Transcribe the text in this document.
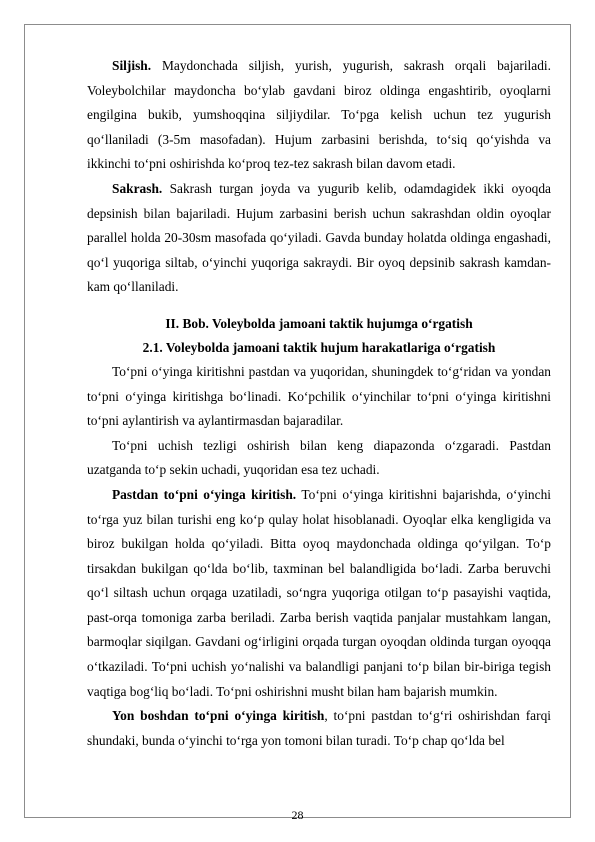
Siljish. Maydonchada siljish, yurish, yugurish, sakrash orqali bajariladi. Voleybolchilar maydoncha bo‘ylab gavdani biroz oldinga engashtirib, oyoqlarni engilgina bukib, yumshoqqina siljiydilar. To‘pga kelish uchun tez yugurish qo‘llaniladi (3-5m masofadan). Hujum zarbasini berishda, to‘siq qo‘yishda va ikkinchi to‘pni oshirishda ko‘proq tez-tez sakrash bilan davom etadi.

Sakrash. Sakrash turgan joyda va yugurib kelib, odamdagidek ikki oyoqda depsinish bilan bajariladi. Hujum zarbasini berish uchun sakrashdan oldin oyoqlar parallel holda 20-30sm masofada qo‘yiladi. Gavda bunday holatda oldinga engashadi, qo‘l yuqoriga siltab, o‘yinchi yuqoriga sakraydi. Bir oyoq depsinib sakrash kamdan-kam qo‘llaniladi.

II. Bob. Voleybolda jamoani taktik hujumga o‘rgatish

2.1. Voleybolda jamoani taktik hujum harakatlariga o‘rgatish

To‘pni o‘yinga kiritishni pastdan va yuqoridan, shuningdek to‘g‘ridan va yondan to‘pni o‘yinga kiritishga bo‘linadi. Ko‘pchilik o‘yinchilar to‘pni o‘yinga kiritishni to‘pni aylantirish va aylantirmasdan bajaradilar.

To‘pni uchish tezligi oshirish bilan keng diapazonda o‘zgaradi. Pastdan uzatganda to‘p sekin uchadi, yuqoridan esa tez uchadi.

Pastdan to‘pni o‘yinga kiritish. To‘pni o‘yinga kiritishni bajarishda, o‘yinchi to‘rga yuz bilan turishi eng ko‘p qulay holat hisoblanadi. Oyoqlar elka kengligida va biroz bukilgan holda qo‘yiladi. Bitta oyoq maydonchada oldinga qo‘yilgan. To‘p tirsakdan bukilgan qo‘lda bo‘lib, taxminan bel balandligida bo‘ladi. Zarba beruvchi qo‘l siltash uchun orqaga uzatiladi, so‘ngra yuqoriga otilgan to‘p pasayishi vaqtida, past-orqa tomoniga zarba beriladi. Zarba berish vaqtida panjalar mustahkam langan, barmoqlar siqilgan. Gavdani og‘irligini orqada turgan oyoqdan oldinda turgan oyoqqa o‘tkaziladi. To‘pni uchish yo‘nalishi va balandligi panjani to‘p bilan bir-biriga tegish vaqtiga bog‘liq bo‘ladi. To‘pni oshirishni musht bilan ham bajarish mumkin.

Yon boshdan to‘pni o‘yinga kiritish, to‘pni pastdan to‘g‘ri oshirishdan farqi shundaki, bunda o‘yinchi to‘rga yon tomoni bilan turadi. To‘p chap qo‘lda bel

28
